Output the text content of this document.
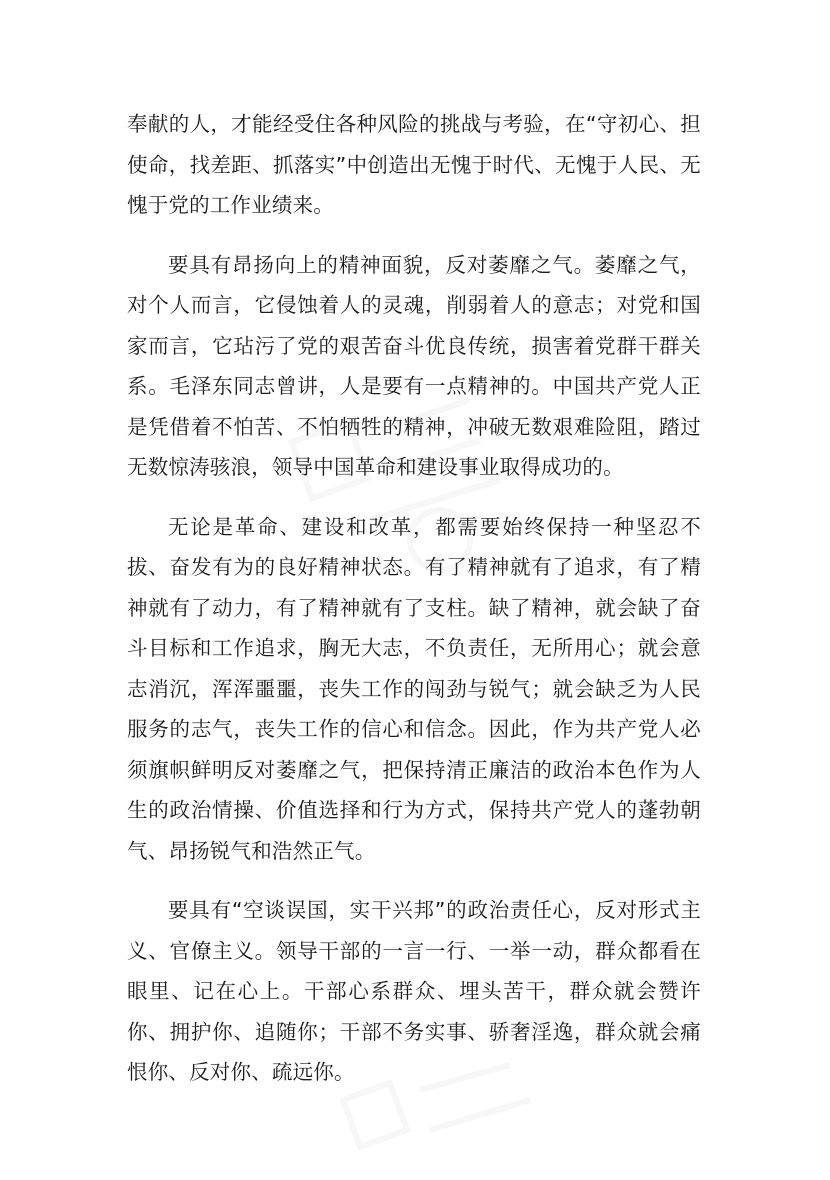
奉献的人，才能经受住各种风险的挑战与考验，在“守初心、担使命，找差距、抓落实”中创造出无愧于时代、无愧于人民、无愧于党的工作业绩来。

要具有昂扬向上的精神面貌，反对萎靡之气。萎靡之气，对个人而言，它侵蚀着人的灵魂，削弱着人的意志；对党和国家而言，它玷污了党的艰苦奋斗优良传统，损害着党群干群关系。毛泽东同志曾讲，人是要有一点精神的。中国共产党人正是凭借着不怕苦、不怕牺牲的精神，冲破无数艰难险阻，踏过无数惊涛骇浪，领导中国革命和建设事业取得成功的。

无论是革命、建设和改革，都需要始终保持一种坚忍不拔、奋发有为的良好精神状态。有了精神就有了追求，有了精神就有了动力，有了精神就有了支柱。缺了精神，就会缺了奋斗目标和工作追求，胸无大志，不负责任，无所用心；就会意志消沉，浑浑噩噩，丧失工作的闯劲与锐气；就会缺乏为人民服务的志气，丧失工作的信心和信念。因此，作为共产党人必须旗帜鲜明反对萎靡之气，把保持清正廉洁的政治本色作为人生的政治情操、价值选择和行为方式，保持共产党人的蓬勃朝气、昂扬锐气和浩然正气。

要具有“空谈误国，实干兴邦”的政治责任心，反对形式主义、官僚主义。领导干部的一言一行、一举一动，群众都看在眼里、记在心上。干部心系群众、埋头苦干，群众就会赞许你、拥护你、追随你；干部不务实事、骄奢淫逸，群众就会痛恨你、反对你、疏远你。
